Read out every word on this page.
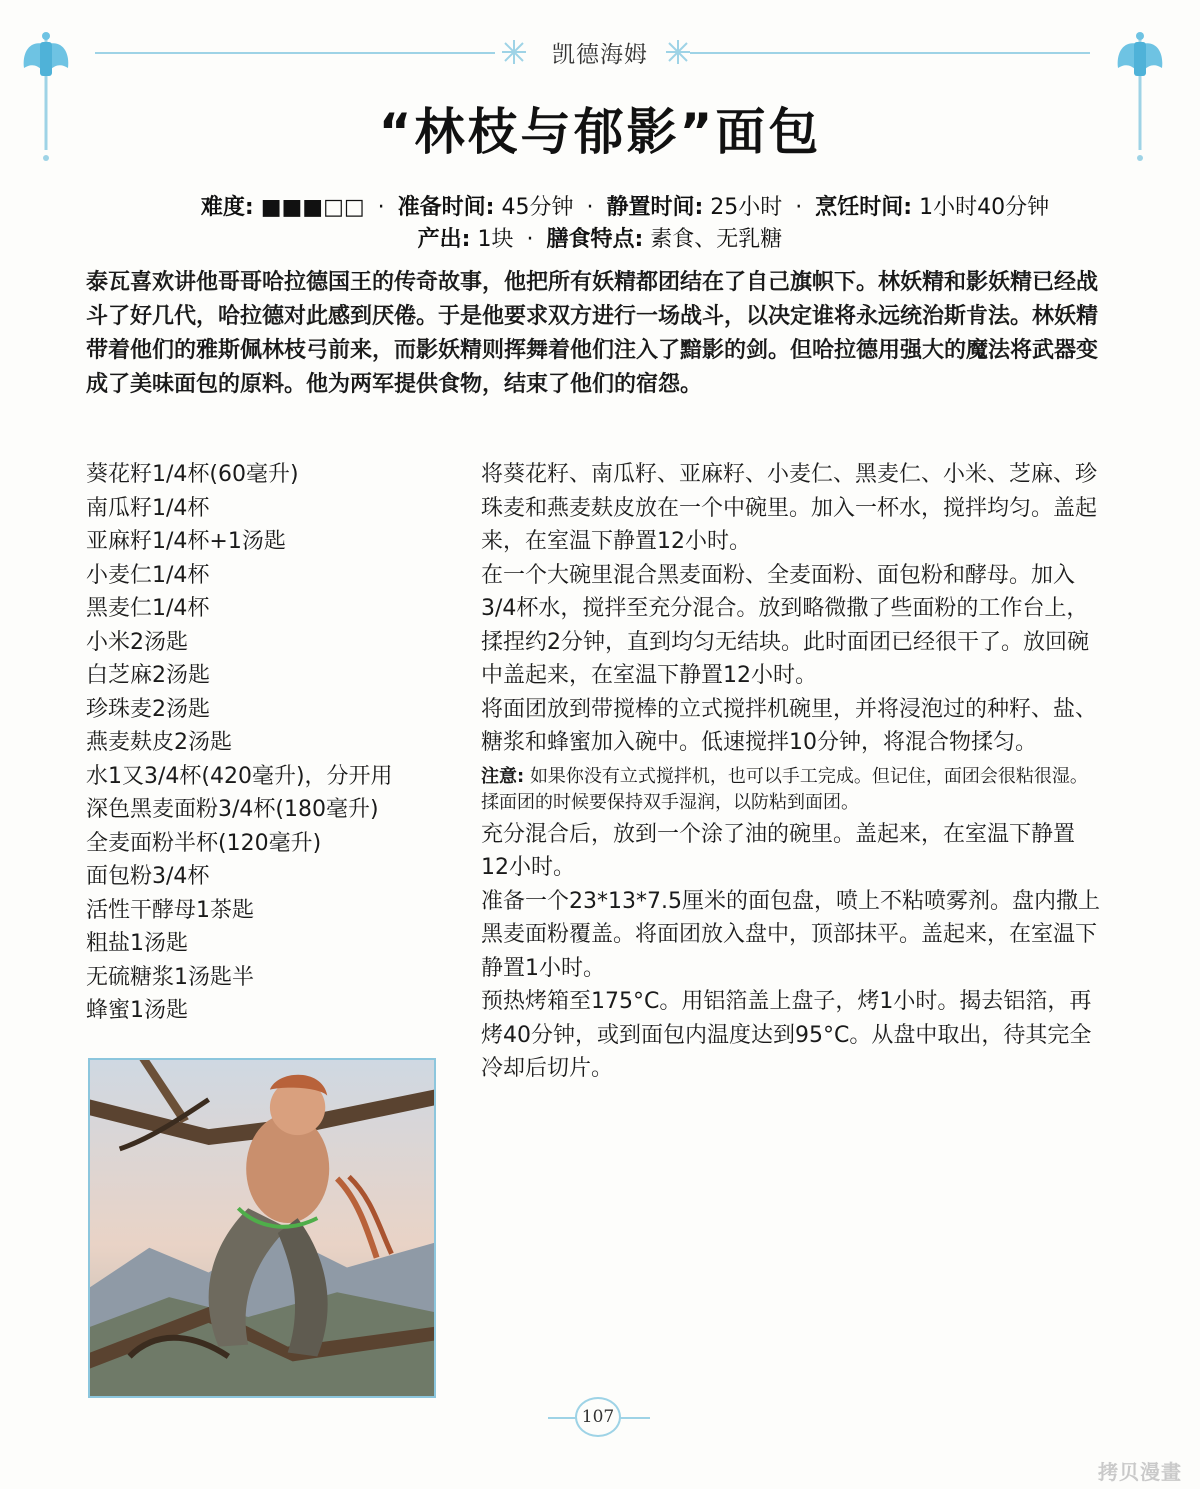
凯德海姆
“林枝与郁影”面包
难度: ■■■□□ · 准备时间: 45分钟 · 静置时间: 25小时 · 烹饪时间: 1小时40分钟
产出: 1块 · 膳食特点: 素食、无乳糖
泰瓦喜欢讲他哥哥哈拉德国王的传奇故事，他把所有妖精都团结在了自己旗帜下。林妖精和影妖精已经战斗了好几代，哈拉德对此感到厌倦。于是他要求双方进行一场战斗，以决定谁将永远统治斯肯法。林妖精带着他们的雅斯佩林枝弓前来，而影妖精则挥舞着他们注入了黯影的剑。但哈拉德用强大的魔法将武器变成了美味面包的原料。他为两军提供食物，结束了他们的宿怨。
葵花籽1/4杯(60毫升)
南瓜籽1/4杯
亚麻籽1/4杯+1汤匙
小麦仁1/4杯
黑麦仁1/4杯
小米2汤匙
白芝麻2汤匙
珍珠麦2汤匙
燕麦麸皮2汤匙
水1又3/4杯(420毫升)，分开用
深色黑麦面粉3/4杯(180毫升)
全麦面粉半杯(120毫升)
面包粉3/4杯
活性干酵母1茶匙
粗盐1汤匙
无硫糖浆1汤匙半
蜂蜜1汤匙

将葵花籽、南瓜籽、亚麻籽、小麦仁、黑麦仁、小米、芝麻、珍珠麦和燕麦麸皮放在一个中碗里。加入一杯水，搅拌均匀。盖起来，在室温下静置12小时。

在一个大碗里混合黑麦面粉、全麦面粉、面包粉和酵母。加入3/4杯水，搅拌至充分混合。放到略微撒了些面粉的工作台上，揉捏约2分钟，直到均匀无结块。此时面团已经很干了。放回碗中盖起来，在室温下静置12小时。

将面团放到带搅棒的立式搅拌机碗里，并将浸泡过的种籽、盐、糖浆和蜂蜜加入碗中。低速搅拌10分钟，将混合物揉匀。

注意: 如果你没有立式搅拌机，也可以手工完成。但记住，面团会很粘很湿。揉面团的时候要保持双手湿润，以防粘到面团。

充分混合后，放到一个涂了油的碗里。盖起来，在室温下静置12小时。

准备一个23*13*7.5厘米的面包盘，喷上不粘喷雾剂。盘内撒上黑麦面粉覆盖。将面团放入盘中，顶部抹平。盖起来，在室温下静置1小时。

预热烤箱至175°C。用铝箔盖上盘子，烤1小时。揭去铝箔，再烤40分钟，或到面包内温度达到95°C。从盘中取出，待其完全冷却后切片。

107
拷贝漫畫
